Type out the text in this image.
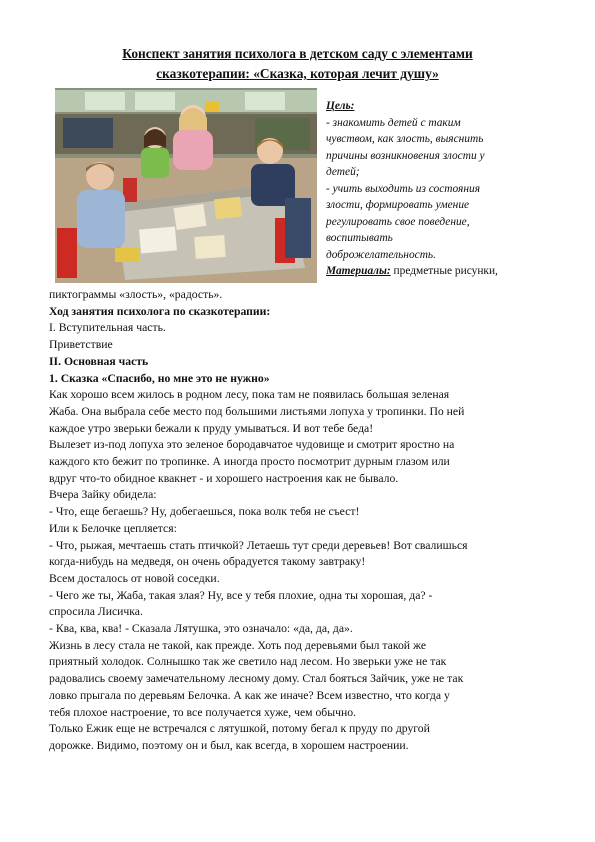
Конспект занятия психолога в детском саду с элементами
сказкотерапии: «Сказка, которая лечит душу»
Цель:
- знакомить детей с таким
чувством, как злость, выяснить
причины возникновения злости у
детей;
- учить выходить из состояния
злости, формировать умение
регулировать свое поведение,
воспитывать
доброжелательность.
Материалы: предметные рисунки,
пиктограммы «злость», «радость».
Ход занятия психолога по сказкотерапии:
I. Вступительная часть.
Приветствие
II. Основная часть
1. Сказка «Спасибо, но мне это не нужно»
Как хорошо всем жилось в родном лесу, пока там не появилась большая зеленая
Жаба. Она выбрала себе место под большими листьями лопуха у тропинки. По ней
каждое утро зверьки бежали к пруду умываться. И вот тебе беда!
Вылезет из-под лопуха это зеленое бородавчатое чудовище и смотрит яростно на
каждого кто бежит по тропинке. А иногда просто посмотрит дурным глазом или
вдруг что-то обидное квакнет - и хорошего настроения как не бывало.
Вчера Зайку обидела:
- Что, еще бегаешь? Ну, добегаешься, пока волк тебя не съест!
Или к Белочке цепляется:
- Что, рыжая, мечтаешь стать птичкой? Летаешь тут среди деревьев! Вот свалишься
когда-нибудь на медведя, он очень обрадуется такому завтраку!
Всем досталось от новой соседки.
- Чего же ты, Жаба, такая злая? Ну, все у тебя плохие, одна ты хорошая, да? -
спросила Лисичка.
- Ква, ква, ква! - Сказала Лятушка, это означало: «да, да, да».
Жизнь в лесу стала не такой, как прежде. Хоть под деревьями был такой же
приятный холодок. Солнышко так же светило над лесом. Но зверьки уже не так
радовались своему замечательному лесному дому. Стал бояться Зайчик, уже не так
ловко прыгала по деревьям Белочка. А как же иначе? Всем известно, что когда у
тебя плохое настроение, то все получается хуже, чем обычно.
Только Ежик еще не встречался с лятушкой, потому бегал к пруду по другой
дорожке. Видимо, поэтому он и был, как всегда, в хорошем настроении.
